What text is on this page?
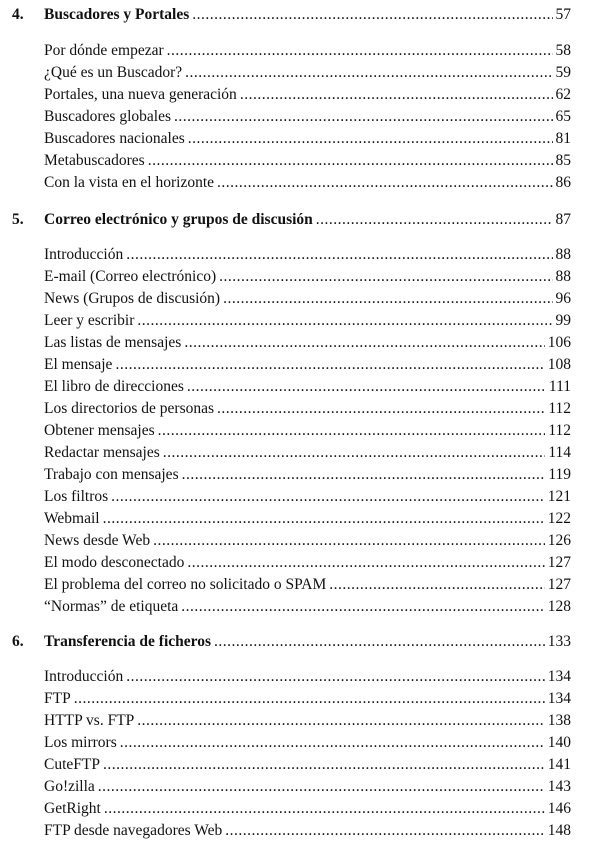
4.	Buscadores y Portales .....	57
Por dónde empezar .....	58
¿Qué es un Buscador? .....	59
Portales, una nueva generación .....	62
Buscadores globales .....	65
Buscadores nacionales .....	81
Metabuscadores .....	85
Con la vista en el horizonte .....	86
5.	Correo electrónico y grupos de discusión .....	87
Introducción .....	88
E-mail (Correo electrónico) .....	88
News (Grupos de discusión) .....	96
Leer y escribir .....	99
Las listas de mensajes .....	106
El mensaje .....	108
El libro de direcciones .....	111
Los directorios de personas .....	112
Obtener mensajes .....	112
Redactar mensajes .....	114
Trabajo con mensajes .....	119
Los filtros .....	121
Webmail .....	122
News desde Web .....	126
El modo desconectado .....	127
El problema del correo no solicitado o SPAM .....	127
“Normas” de etiqueta .....	128
6.	Transferencia de ficheros .....	133
Introducción .....	134
FTP .....	134
HTTP vs. FTP .....	138
Los mirrors .....	140
CuteFTP .....	141
Go!zilla .....	143
GetRight .....	146
FTP desde navegadores Web .....	148
